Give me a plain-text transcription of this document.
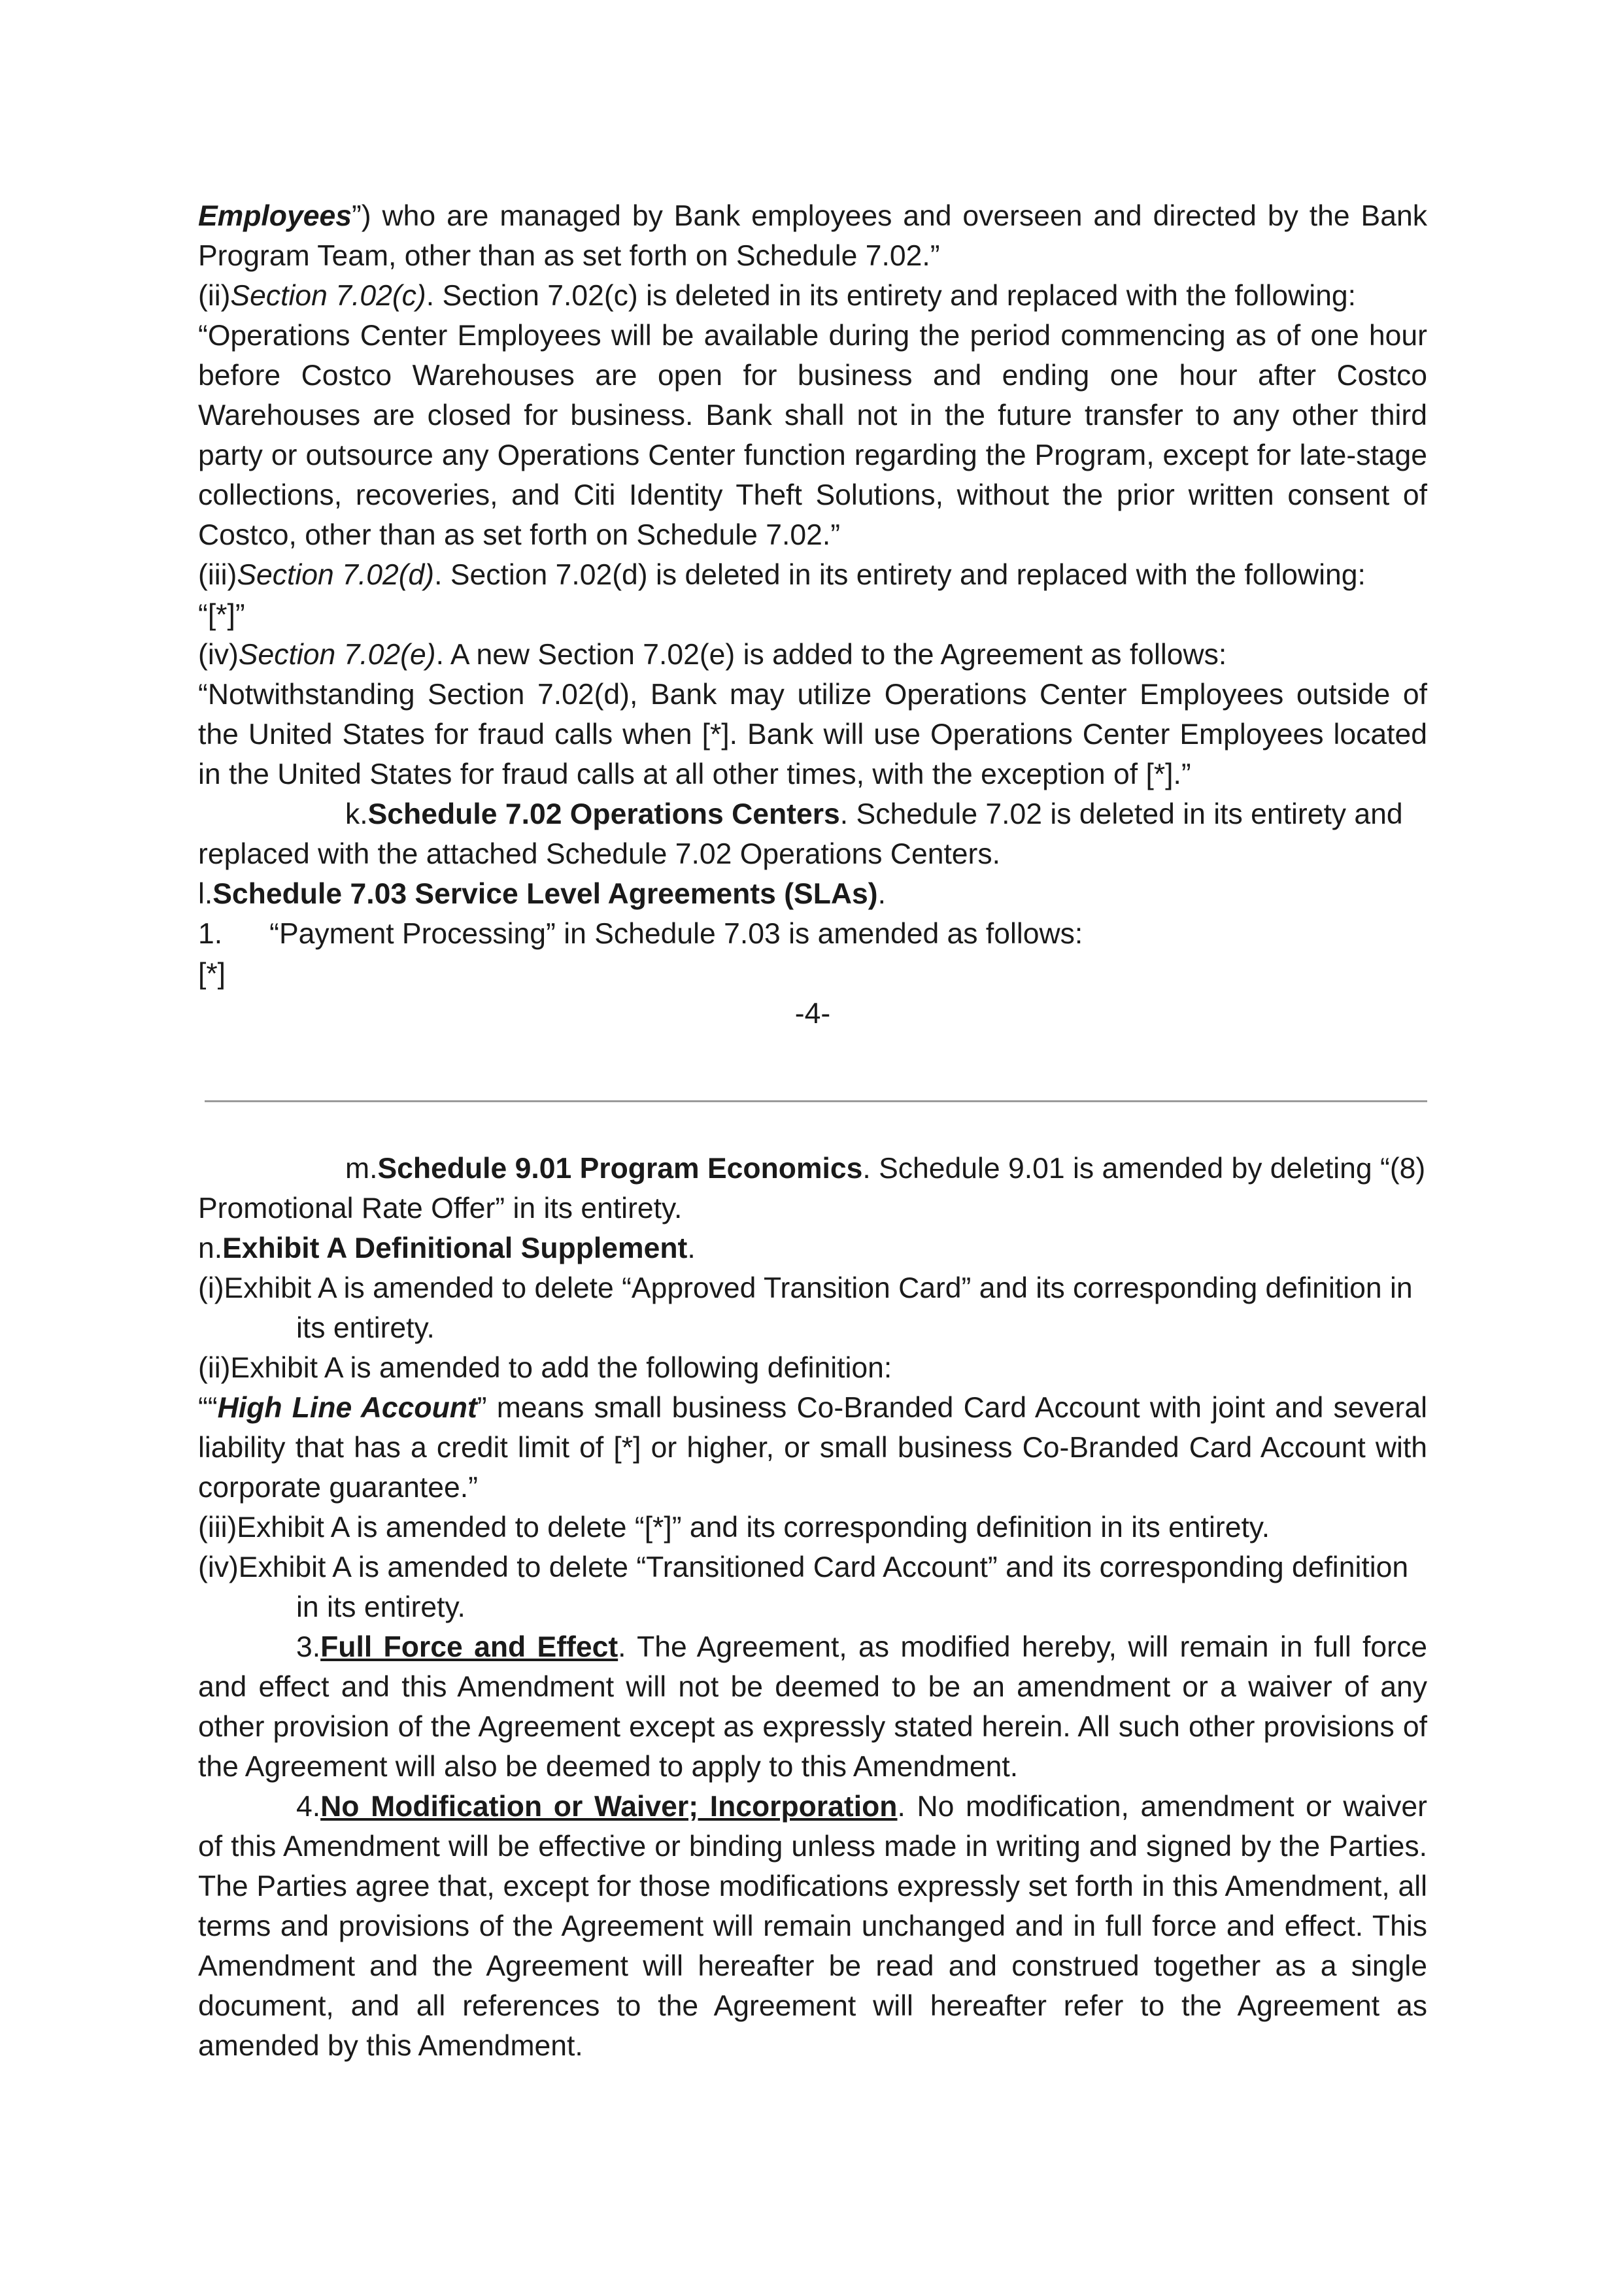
Employees”) who are managed by Bank employees and overseen and directed by the Bank Program Team, other than as set forth on Schedule 7.02.”

(ii)Section 7.02(c). Section 7.02(c) is deleted in its entirety and replaced with the following:

“Operations Center Employees will be available during the period commencing as of one hour before Costco Warehouses are open for business and ending one hour after Costco Warehouses are closed for business. Bank shall not in the future transfer to any other third party or outsource any Operations Center function regarding the Program, except for late-stage collections, recoveries, and Citi Identity Theft Solutions, without the prior written consent of Costco, other than as set forth on Schedule 7.02.”

(iii)Section 7.02(d). Section 7.02(d) is deleted in its entirety and replaced with the following:

“[*]”

(iv)Section 7.02(e). A new Section 7.02(e) is added to the Agreement as follows:

“Notwithstanding Section 7.02(d), Bank may utilize Operations Center Employees outside of the United States for fraud calls when [*]. Bank will use Operations Center Employees located in the United States for fraud calls at all other times, with the exception of [*].”

k.Schedule 7.02 Operations Centers. Schedule 7.02 is deleted in its entirety and replaced with the attached Schedule 7.02 Operations Centers.

l.Schedule 7.03 Service Level Agreements (SLAs).

1. “Payment Processing” in Schedule 7.03 is amended as follows:

[*]

-4-

m.Schedule 9.01 Program Economics. Schedule 9.01 is amended by deleting “(8) Promotional Rate Offer” in its entirety.

n.Exhibit A Definitional Supplement.

(i)Exhibit A is amended to delete “Approved Transition Card” and its corresponding definition in its entirety.

(ii)Exhibit A is amended to add the following definition:

““High Line Account” means small business Co-Branded Card Account with joint and several liability that has a credit limit of [*] or higher, or small business Co-Branded Card Account with corporate guarantee.”

(iii)Exhibit A is amended to delete “[*]” and its corresponding definition in its entirety.

(iv)Exhibit A is amended to delete “Transitioned Card Account” and its corresponding definition in its entirety.

3.Full Force and Effect. The Agreement, as modified hereby, will remain in full force and effect and this Amendment will not be deemed to be an amendment or a waiver of any other provision of the Agreement except as expressly stated herein. All such other provisions of the Agreement will also be deemed to apply to this Amendment.

4.No Modification or Waiver; Incorporation. No modification, amendment or waiver of this Amendment will be effective or binding unless made in writing and signed by the Parties. The Parties agree that, except for those modifications expressly set forth in this Amendment, all terms and provisions of the Agreement will remain unchanged and in full force and effect. This Amendment and the Agreement will hereafter be read and construed together as a single document, and all references to the Agreement will hereafter refer to the Agreement as amended by this Amendment.
